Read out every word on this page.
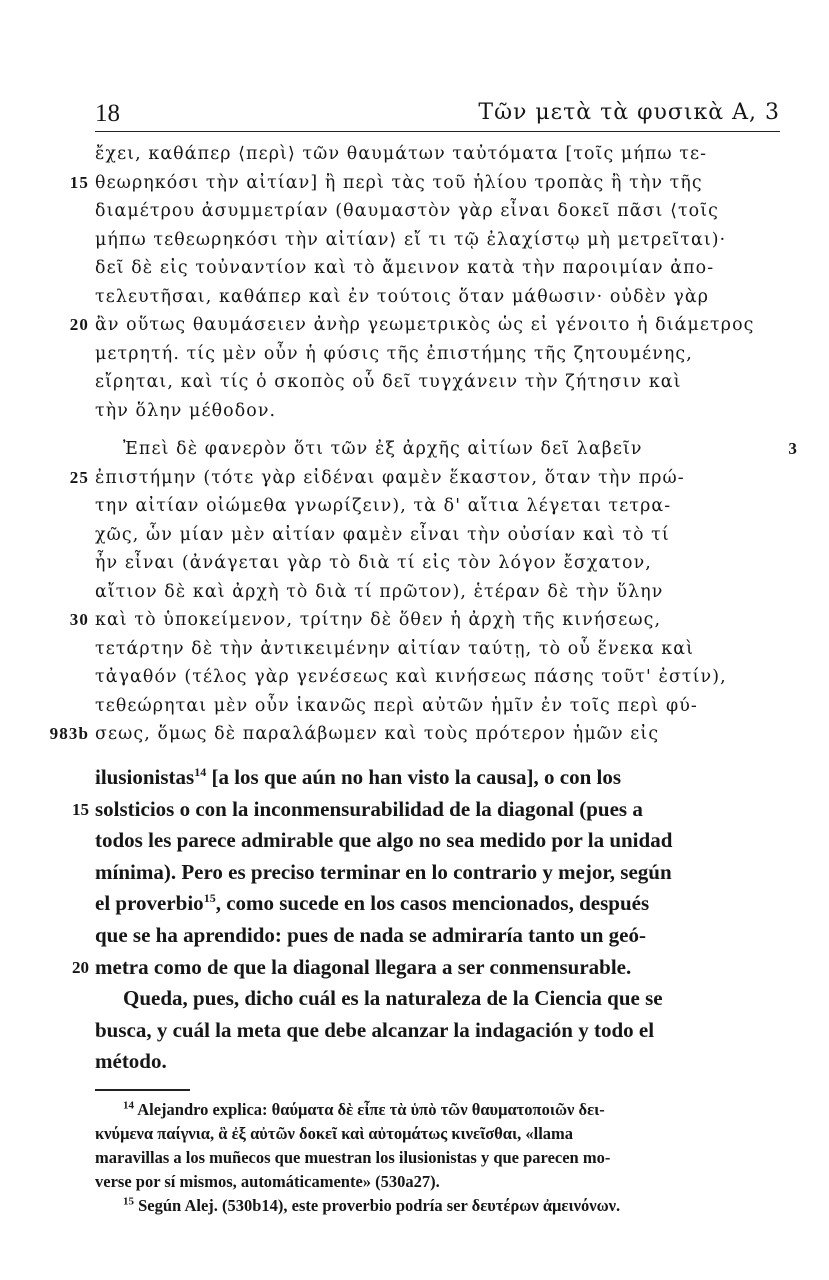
18	Τῶν μετὰ τὰ φυσικὰ Α, 3
ἔχει, καθάπερ ⟨περὶ⟩ τῶν θαυμάτων ταὐτόματα [τοῖς μήπω τε-
15 θεωρηκόσι τὴν αἰτίαν] ἢ περὶ τὰς τοῦ ἡλίου τροπὰς ἢ τὴν τῆς
διαμέτρου ἀσυμμετρίαν (θαυμαστὸν γὰρ εἶναι δοκεῖ πᾶσι ⟨τοῖς
μήπω τεθεωρηκόσι τὴν αἰτίαν⟩ εἴ τι τῷ ἐλαχίστῳ μὴ μετρεῖται)·
δεῖ δὲ εἰς τοὐναντίον καὶ τὸ ἄμεινον κατὰ τὴν παροιμίαν ἀπο-
τελευτῆσαι, καθάπερ καὶ ἐν τούτοις ὅταν μάθωσιν· οὐδὲν γὰρ
20 ἂν οὕτως θαυμάσειεν ἀνὴρ γεωμετρικὸς ὡς εἰ γένοιτο ἡ διάμετρος
μετρητή. τίς μὲν οὖν ἡ φύσις τῆς ἐπιστήμης τῆς ζητουμένης,
εἴρηται, καὶ τίς ὁ σκοπὸς οὗ δεῖ τυγχάνειν τὴν ζήτησιν καὶ
τὴν ὅλην μέθοδον.
Ἐπεὶ δὲ φανερὸν ὅτι τῶν ἐξ ἀρχῆς αἰτίων δεῖ λαβεῖν	3
25 ἐπιστήμην (τότε γὰρ εἰδέναι φαμὲν ἕκαστον, ὅταν τὴν πρώ-
την αἰτίαν οἰώμεθα γνωρίζειν), τὰ δ' αἴτια λέγεται τετρα-
χῶς, ὧν μίαν μὲν αἰτίαν φαμὲν εἶναι τὴν οὐσίαν καὶ τὸ τί
ἦν εἶναι (ἀνάγεται γὰρ τὸ διὰ τί εἰς τὸν λόγον ἔσχατον,
αἴτιον δὲ καὶ ἀρχὴ τὸ διὰ τί πρῶτον), ἑτέραν δὲ τὴν ὕλην
30 καὶ τὸ ὑποκείμενον, τρίτην δὲ ὅθεν ἡ ἀρχὴ τῆς κινήσεως,
τετάρτην δὲ τὴν ἀντικειμένην αἰτίαν ταύτῃ, τὸ οὗ ἕνεκα καὶ
τἀγαθόν (τέλος γὰρ γενέσεως καὶ κινήσεως πάσης τοῦτ' ἐστίν),
τεθεώρηται μὲν οὖν ἱκανῶς περὶ αὐτῶν ἡμῖν ἐν τοῖς περὶ φύ-
983b σεως, ὅμως δὲ παραλάβωμεν καὶ τοὺς πρότερον ἡμῶν εἰς
ilusionistas$^{14}$ [a los que aún no han visto la causa], o con los
15 solsticios o con la inconmensurabilidad de la diagonal (pues a
todos les parece admirable que algo no sea medido por la unidad
mínima). Pero es preciso terminar en lo contrario y mejor, según
el proverbio$^{15}$, como sucede en los casos mencionados, después
que se ha aprendido: pues de nada se admiraría tanto un geó-
20 metra como de que la diagonal llegara a ser conmensurable.
Queda, pues, dicho cuál es la naturaleza de la Ciencia que se
busca, y cuál la meta que debe alcanzar la indagación y todo el
método.
$^{14}$ Alejandro explica: θαύματα δὲ εἶπε τὰ ὑπὸ τῶν θαυματοποιῶν δει-
κνύμενα παίγνια, ἃ ἐξ αὐτῶν δοκεῖ καὶ αὐτομάτως κινεῖσθαι, «llama
maravillas a los muñecos que muestran los ilusionistas y que parecen mo-
verse por sí mismos, automáticamente» (530a27).
$^{15}$ Según Alej. (530b14), este proverbio podría ser δευτέρων ἀμεινόνων.
